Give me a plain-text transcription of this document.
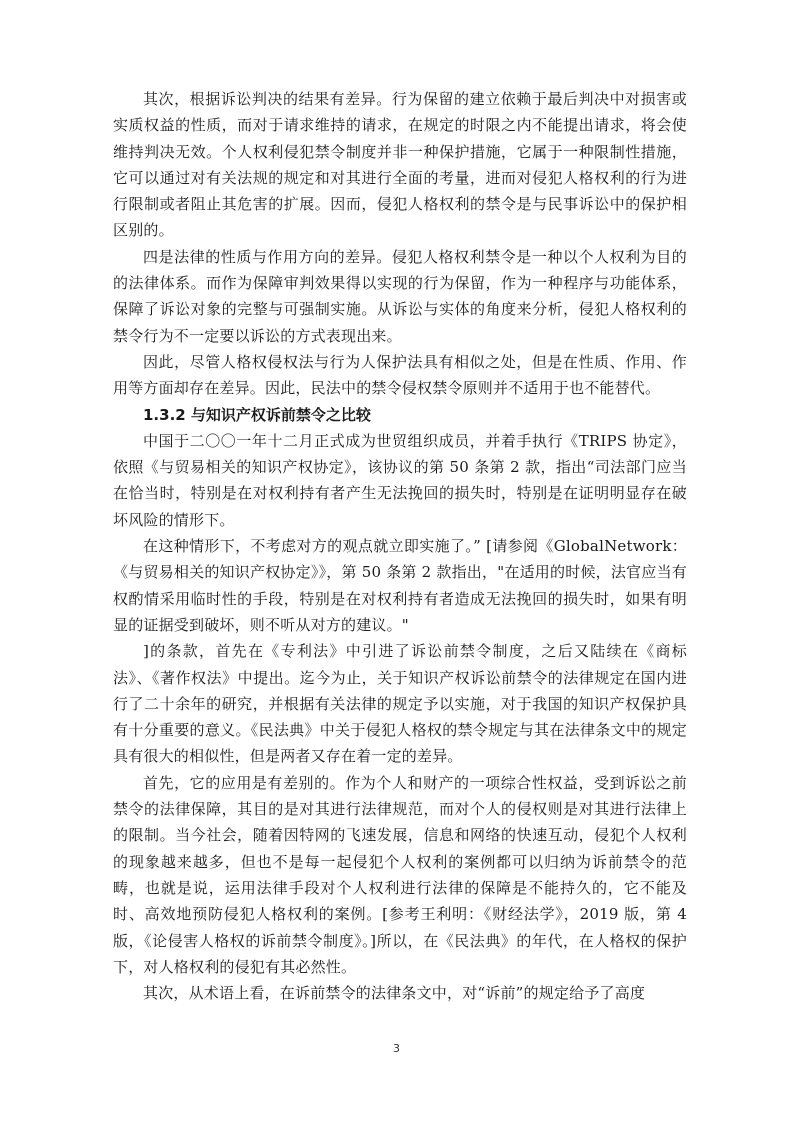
其次，根据诉讼判决的结果有差异。行为保留的建立依赖于最后判决中对损害或实质权益的性质，而对于请求维持的请求，在规定的时限之内不能提出请求，将会使维持判决无效。个人权利侵犯禁令制度并非一种保护措施，它属于一种限制性措施，它可以通过对有关法规的规定和对其进行全面的考量，进而对侵犯人格权利的行为进行限制或者阻止其危害的扩展。因而，侵犯人格权利的禁令是与民事诉讼中的保护相区别的。

四是法律的性质与作用方向的差异。侵犯人格权利禁令是一种以个人权利为目的的法律体系。而作为保障审判效果得以实现的行为保留，作为一种程序与功能体系，保障了诉讼对象的完整与可强制实施。从诉讼与实体的角度来分析，侵犯人格权利的禁令行为不一定要以诉讼的方式表现出来。

因此，尽管人格权侵权法与行为人保护法具有相似之处，但是在性质、作用、作用等方面却存在差异。因此，民法中的禁令侵权禁令原则并不适用于也不能替代。

1.3.2 与知识产权诉前禁令之比较

中国于二〇〇一年十二月正式成为世贸组织成员，并着手执行《TRIPS 协定》，依照《与贸易相关的知识产权协定》，该协议的第 50 条第 2 款，指出“司法部门应当在恰当时，特别是在对权利持有者产生无法挽回的损失时，特别是在证明明显存在破坏风险的情形下。

在这种情形下，不考虑对方的观点就立即实施了。” [请参阅《GlobalNetwork：《与贸易相关的知识产权协定》》，第 50 条第 2 款指出，"在适用的时候，法官应当有权酌情采用临时性的手段，特别是在对权利持有者造成无法挽回的损失时，如果有明显的证据受到破坏，则不听从对方的建议。"

]的条款，首先在《专利法》中引进了诉讼前禁令制度，之后又陆续在《商标法》、《著作权法》中提出。迄今为止，关于知识产权诉讼前禁令的法律规定在国内进行了二十余年的研究，并根据有关法律的规定予以实施，对于我国的知识产权保护具有十分重要的意义。《民法典》中关于侵犯人格权的禁令规定与其在法律条文中的规定具有很大的相似性，但是两者又存在着一定的差异。

首先，它的应用是有差别的。作为个人和财产的一项综合性权益，受到诉讼之前禁令的法律保障，其目的是对其进行法律规范，而对个人的侵权则是对其进行法律上的限制。当今社会，随着因特网的飞速发展，信息和网络的快速互动，侵犯个人权利的现象越来越多，但也不是每一起侵犯个人权利的案例都可以归纳为诉前禁令的范畴，也就是说，运用法律手段对个人权利进行法律的保障是不能持久的，它不能及时、高效地预防侵犯人格权利的案例。[参考王利明：《财经法学》，2019 版，第 4 版，《论侵害人格权的诉前禁令制度》。]所以，在《民法典》的年代，在人格权的保护下，对人格权利的侵犯有其必然性。

其次，从术语上看，在诉前禁令的法律条文中，对“诉前”的规定给予了高度

3
